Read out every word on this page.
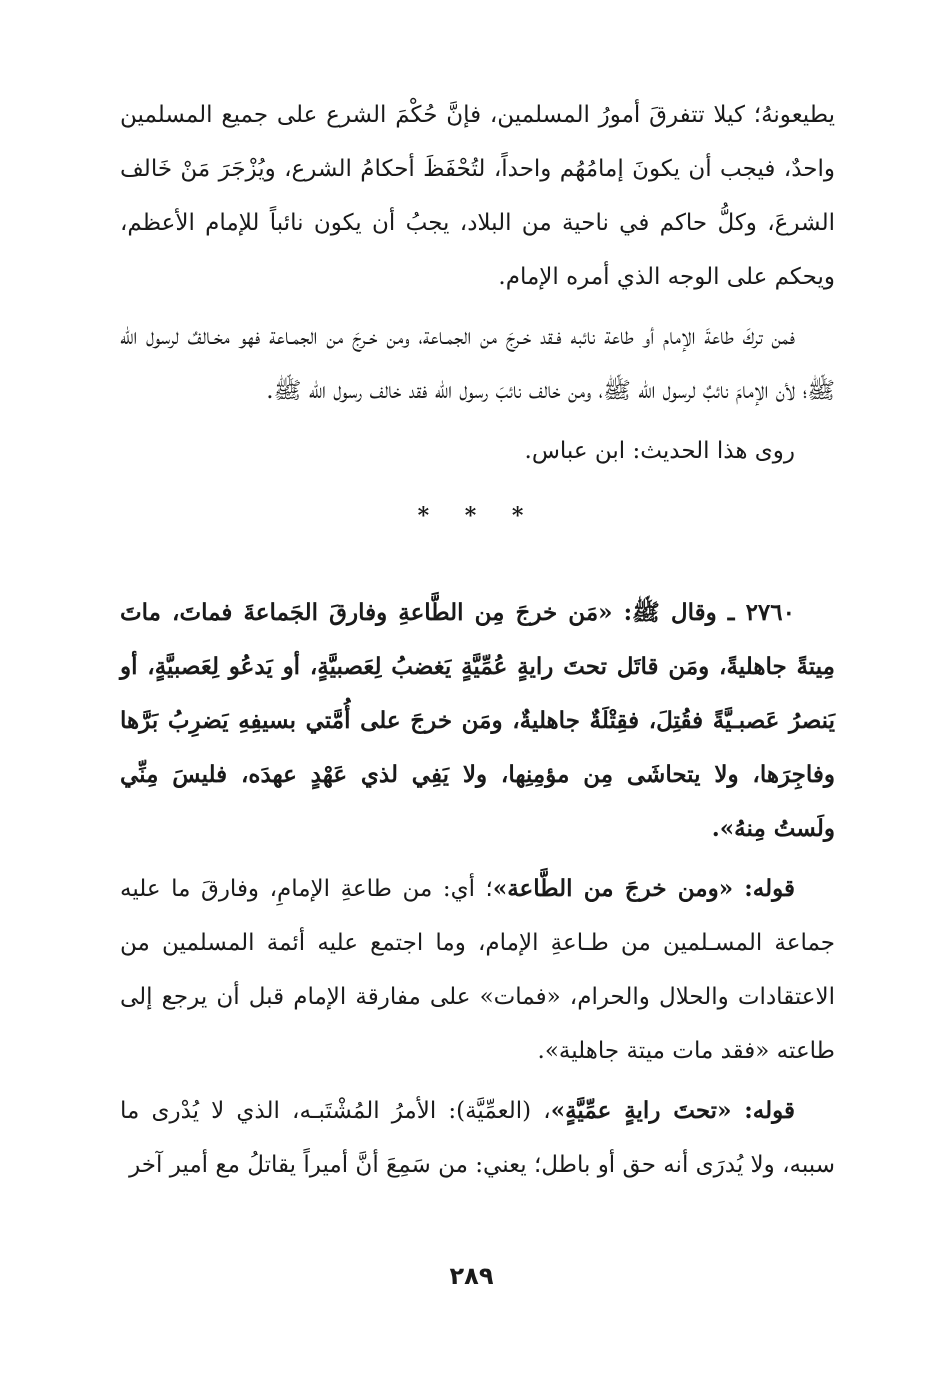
يطيعونهُ؛ كيلا تتفرقَ أمورُ المسلمين، فإنَّ حُكْمَ الشرع على جميع المسلمين واحدٌ، فيجب أن يكونَ إمامُهُم واحداً، لتُحْفَظَ أحكامُ الشرع، ويُزْجَرَ مَنْ خَالف الشرعَ، وكلُّ حاكم في ناحية من البلاد، يجبُ أن يكون نائباً للإمام الأعظم، ويحكم على الوجه الذي أمره الإمام.

فمن تركَ طاعةَ الإمام أو طاعة نائبه فـقد خـرجَ من الجمـاعة، ومن خـرجَ من الجمـاعة فهو مخـالفٌ لرسول الله ﷺ؛ لأن الإمامَ نائبٌ لرسول الله ﷺ، ومن خالف نائبَ رسول الله فقد خالف رسول الله ﷺ.

روى هذا الحديث: ابن عباس.

* * *

٢٧٦٠ ـ وقال ﷺ: «مَن خرجَ مِن الطَّاعةِ وفارقَ الجَماعةَ فماتَ، ماتَ مِيتةً جاهليةً، ومَن قاتَل تحتَ رايةٍ عُمِّيَّةٍ يَغضبُ لِعَصبيَّةٍ، أو يَدعُو لِعَصبيَّةٍ، أو يَنصرُ عَصبـيَّةً فقُتِلَ، فقِتْلَةٌ جاهليةٌ، ومَن خرجَ على أُمَّتي بسيفِهِ يَضرِبُ بَرَّها وفاجِرَها، ولا يتحاشَى مِن مؤمِنِها، ولا يَفِي لذي عَهْدٍ عهدَه، فليسَ مِنِّي ولَستُ مِنهُ».

قوله: «ومن خرجَ من الطَّاعة»؛ أي: من طاعةِ الإمامِ، وفارقَ ما عليه جماعة المسـلمين من طـاعةِ الإمام، وما اجتمع عليه أئمة المسلمين من الاعتقادات والحلال والحرام، «فمات» على مفارقة الإمام قبل أن يرجع إلى طاعته «فقد مات ميتة جاهلية».

قوله: «تحتَ رايةٍ عمِّيَّةٍ»، (العمِّيَّة): الأمرُ المُشْتَبـه، الذي لا يُدْرى ما سببه، ولا يُدرَى أنه حق أو باطل؛ يعني: من سَمِعَ أنَّ أميراً يقاتلُ مع أمير آخر

٢٨٩
